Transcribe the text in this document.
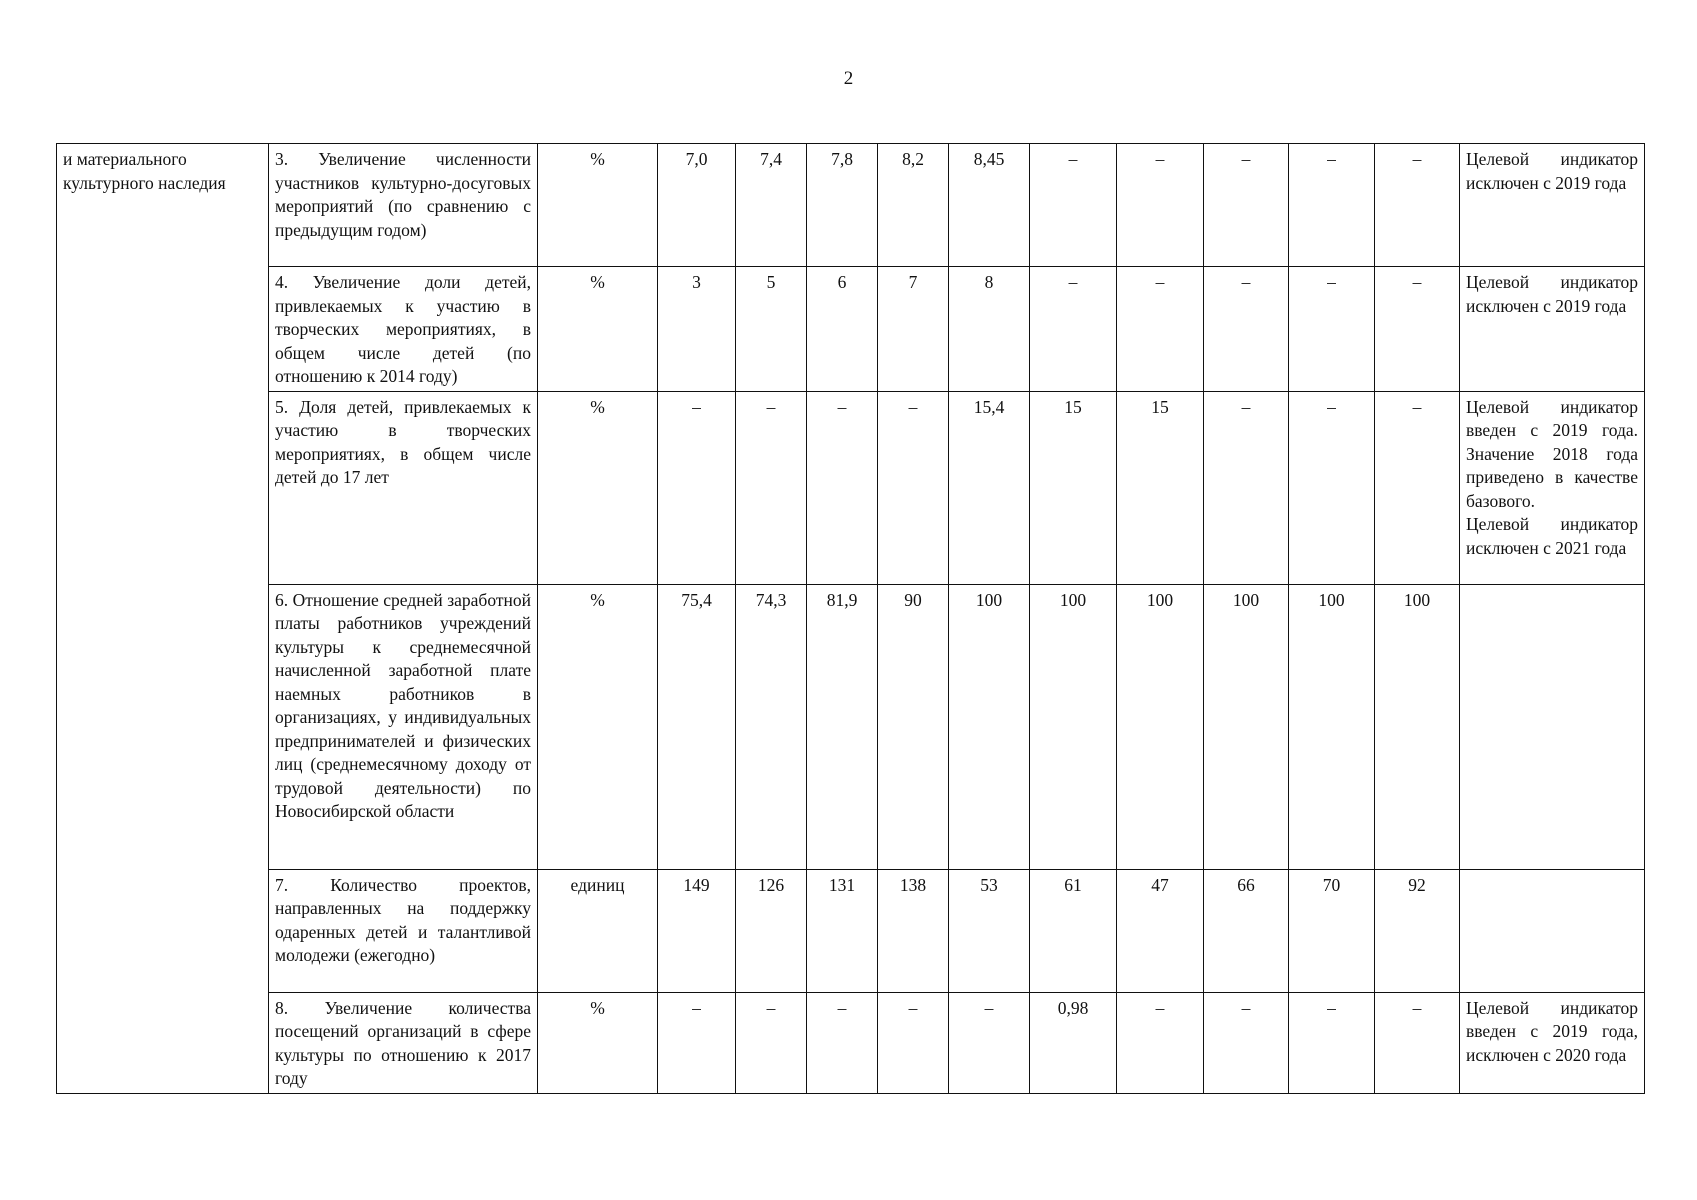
2
и материального культурного наследия	3. Увеличение численности участников культурно-досуговых мероприятий (по сравнению с предыдущим годом)	%	7,0	7,4	7,8	8,2	8,45	–	–	–	–	–	Целевой индикатор исключен с 2019 года

	4. Увеличение доли детей, привлекаемых к участию в творческих мероприятиях, в общем числе детей (по отношению к 2014 году)	%	3	5	6	7	8	–	–	–	–	–	Целевой индикатор исключен с 2019 года

	5. Доля детей, привлекаемых к участию в творческих мероприятиях, в общем числе детей до 17 лет	%	–	–	–	–	15,4	15	15	–	–	–	Целевой индикатор введен с 2019 года. Значение 2018 года приведено в качестве базового.
Целевой индикатор исключен с 2021 года

	6. Отношение средней заработной платы работников учреждений культуры к среднемесячной начисленной заработной плате наемных работников в организациях, у индивидуальных предпринимателей и физических лиц (среднемесячному доходу от трудовой деятельности) по Новосибирской области	%	75,4	74,3	81,9	90	100	100	100	100	100	100	
	7. Количество проектов, направленных на поддержку одаренных детей и талантливой молодежи (ежегодно)	единиц	149	126	131	138	53	61	47	66	70	92	
	8. Увеличение количества посещений организаций в сфере культуры по отношению к 2017 году	%	–	–	–	–	–	0,98	–	–	–	–	Целевой индикатор введен с 2019 года, исключен с 2020 года
